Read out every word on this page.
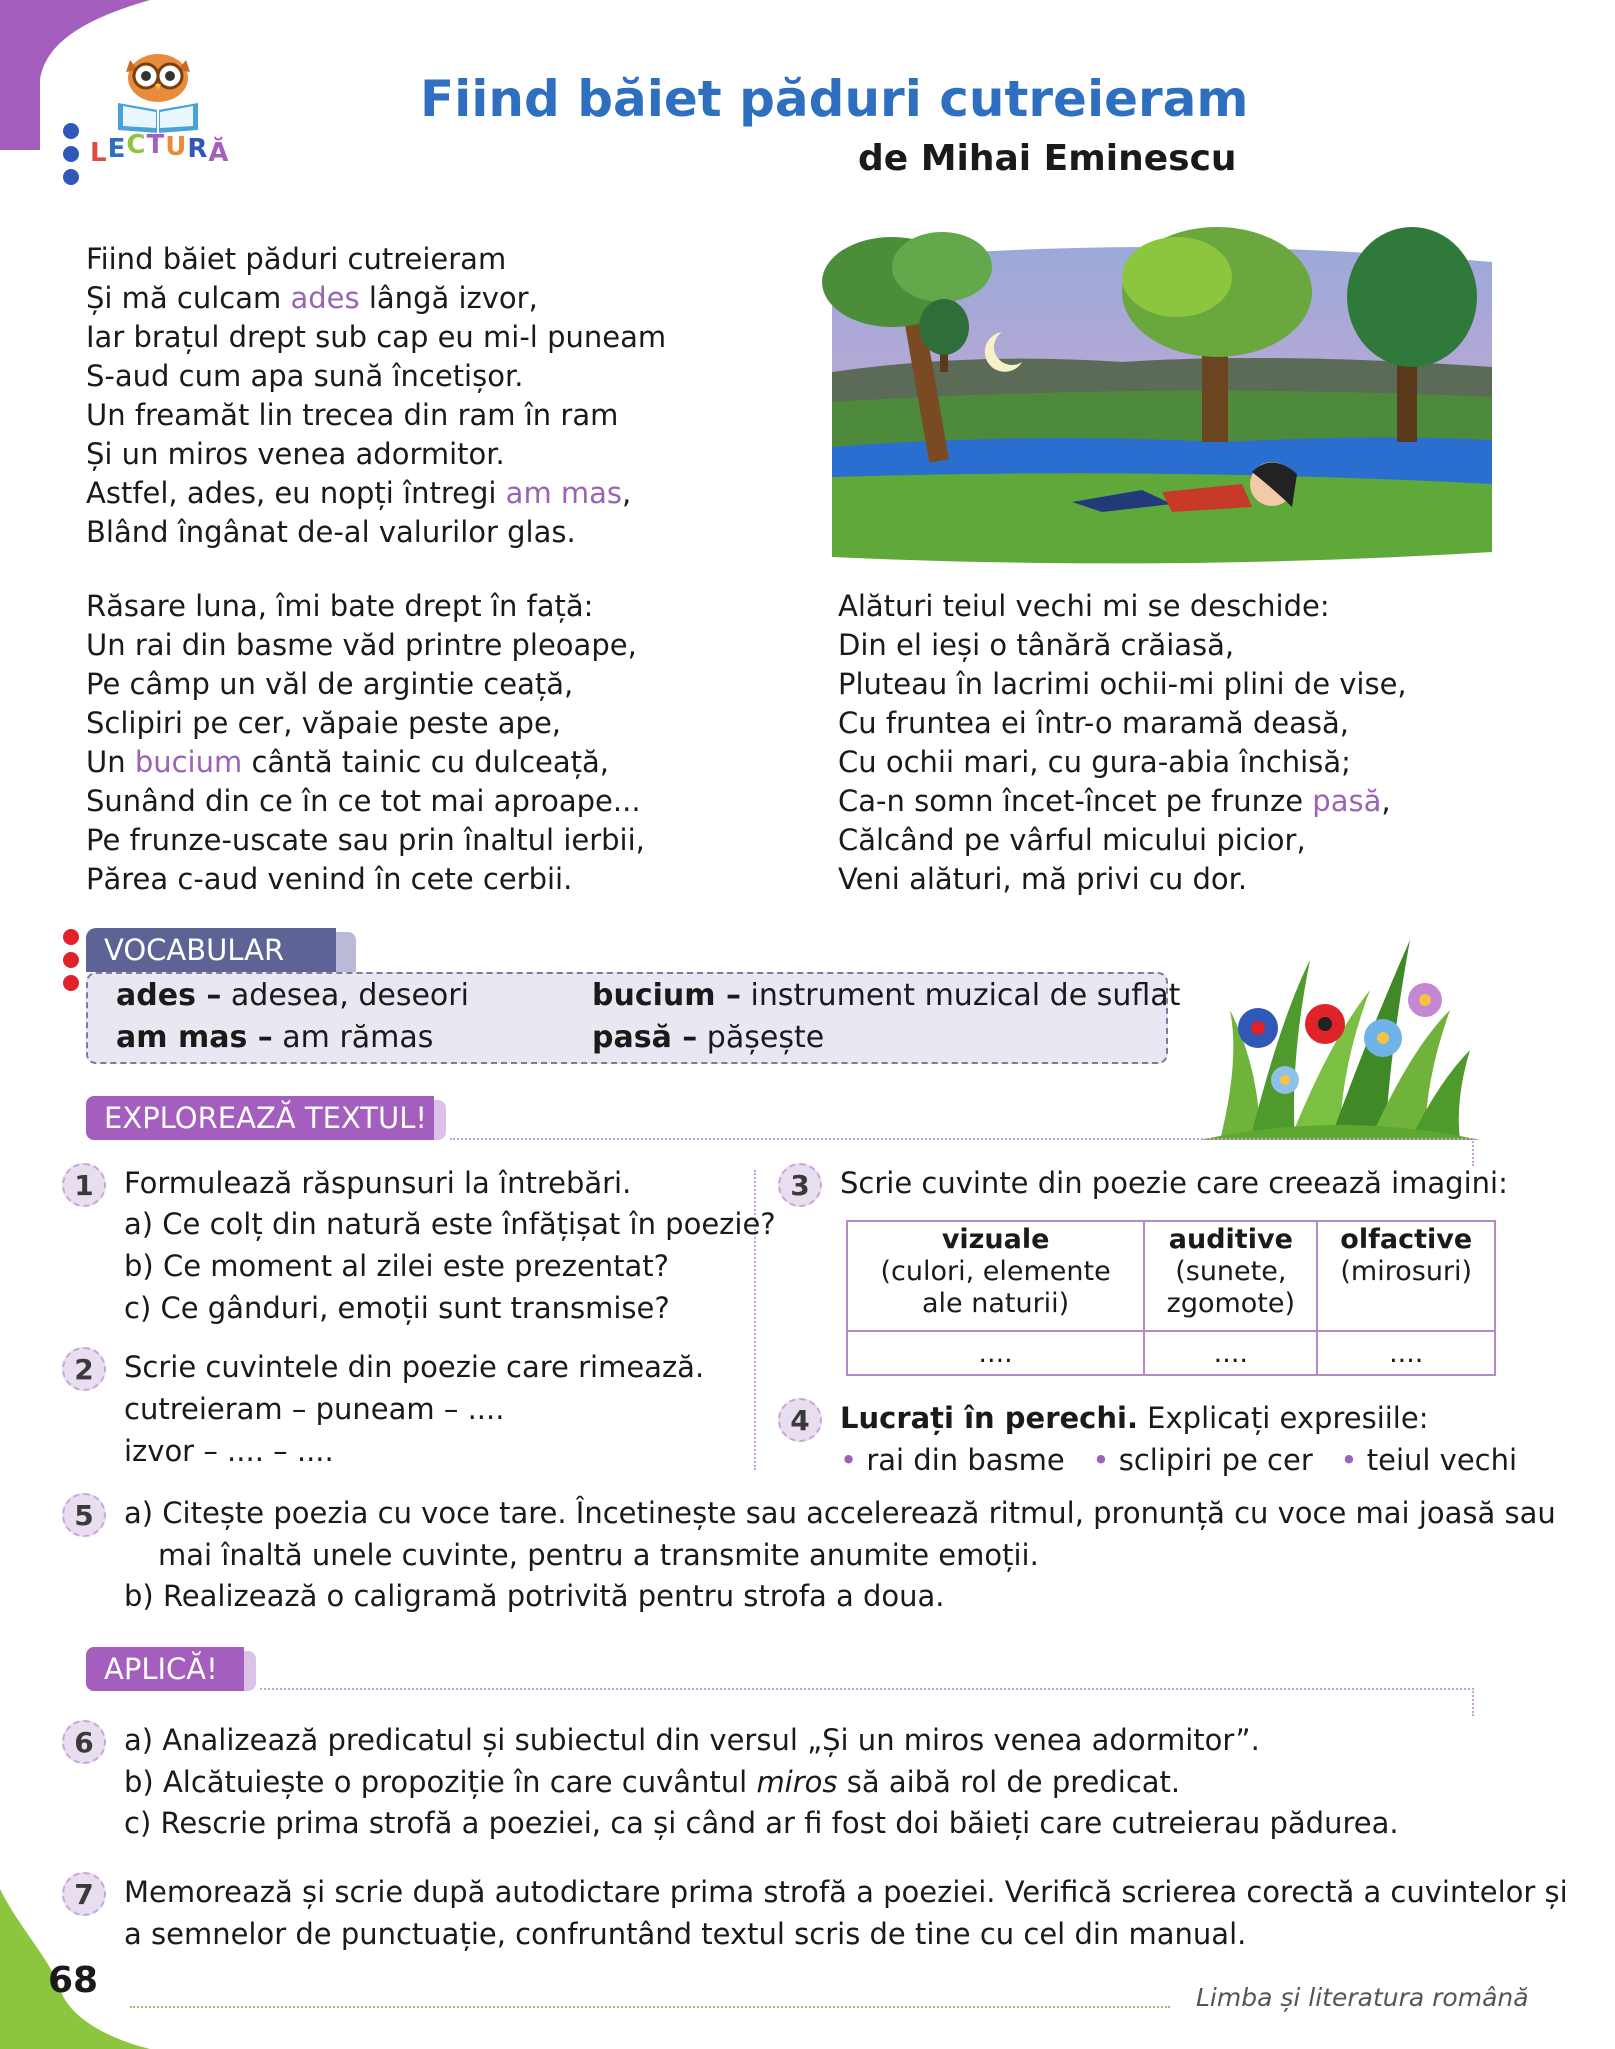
LECTURĂ
Fiind băiet păduri cutreieram
de Mihai Eminescu
Fiind băiet păduri cutreieram
Și mă culcam ades lângă izvor,
Iar brațul drept sub cap eu mi-l puneam
S-aud cum apa sună încetișor.
Un freamăt lin trecea din ram în ram
Și un miros venea adormitor.
Astfel, ades, eu nopți întregi am mas,
Blând îngânat de-al valurilor glas.
Răsare luna, îmi bate drept în față:
Un rai din basme văd printre pleoape,
Pe câmp un văl de argintie ceață,
Sclipiri pe cer, văpaie peste ape,
Un bucium cântă tainic cu dulceață,
Sunând din ce în ce tot mai aproape...
Pe frunze-uscate sau prin înaltul ierbii,
Părea c-aud venind în cete cerbii.
Alături teiul vechi mi se deschide:
Din el ieși o tânără crăiasă,
Pluteau în lacrimi ochii-mi plini de vise,
Cu fruntea ei într-o maramă deasă,
Cu ochii mari, cu gura-abia închisă;
Ca-n somn încet-încet pe frunze pasă,
Călcând pe vârful micului picior,
Veni alături, mă privi cu dor.
VOCABULAR
ades – adesea, deseori
am mas – am rămas
bucium – instrument muzical de suflat
pasă – pășește
EXPLOREAZĂ TEXTUL!
1	Formulează răspunsuri la întrebări.
a) Ce colț din natură este înfățișat în poezie?
b) Ce moment al zilei este prezentat?
c) Ce gânduri, emoții sunt transmise?
2	Scrie cuvintele din poezie care rimează.
cutreieram – puneam – ....
izvor – .... – ....
3	Scrie cuvinte din poezie care creează imagini:
vizuale
(culori, elemente
ale naturii)	auditive
(sunete,
zgomote)	olfactive
(mirosuri)
....	....	....
4	Lucrați în perechi. Explicați expresiile:
• rai din basme • sclipiri pe cer • teiul vechi
5	a) Citește poezia cu voce tare. Încetinește sau accelerează ritmul, pronunță cu voce mai joasă sau
mai înaltă unele cuvinte, pentru a transmite anumite emoții.
b) Realizează o caligramă potrivită pentru strofa a doua.
APLICĂ!
6	a) Analizează predicatul și subiectul din versul „Și un miros venea adormitor”.
b) Alcătuiește o propoziție în care cuvântul miros să aibă rol de predicat.
c) Rescrie prima strofă a poeziei, ca și când ar fi fost doi băieți care cutreierau pădurea.
7	Memorează și scrie după autodictare prima strofă a poeziei. Verifică scrierea corectă a cuvintelor și
a semnelor de punctuație, confruntând textul scris de tine cu cel din manual.
68	Limba și literatura română
